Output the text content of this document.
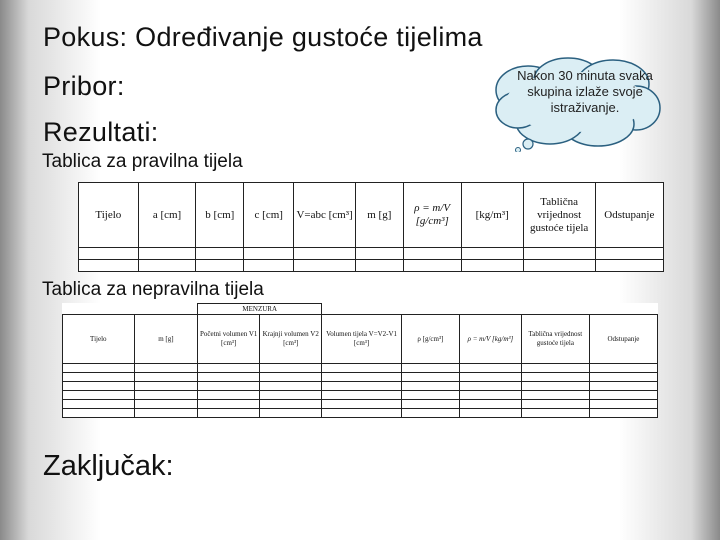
Pokus: Određivanje gustoće tijelima
Pribor:
Rezultati:
Nakon 30 minuta svaka skupina izlaže svoje istraživanje.
Tablica za pravilna tijela
Tijelo	a [cm]	b [cm]	c [cm]	V=abc [cm³]	m [g]	ρ = m/V [g/cm³]	[kg/m³]	Tablična vrijednost gustoće tijela	Odstupanje

Tablica za nepravilna tijela
		MENZURA						
Tijelo	m [g]	Početni volumen V1 [cm³]	Krajnji volumen V2 [cm³]	Volumen tijela V=V2-V1 [cm³]	ρ [g/cm³]	ρ = m/V [kg/m³]	Tablična vrijednost gustoće tijela	Odstupanje

Zaključak:
